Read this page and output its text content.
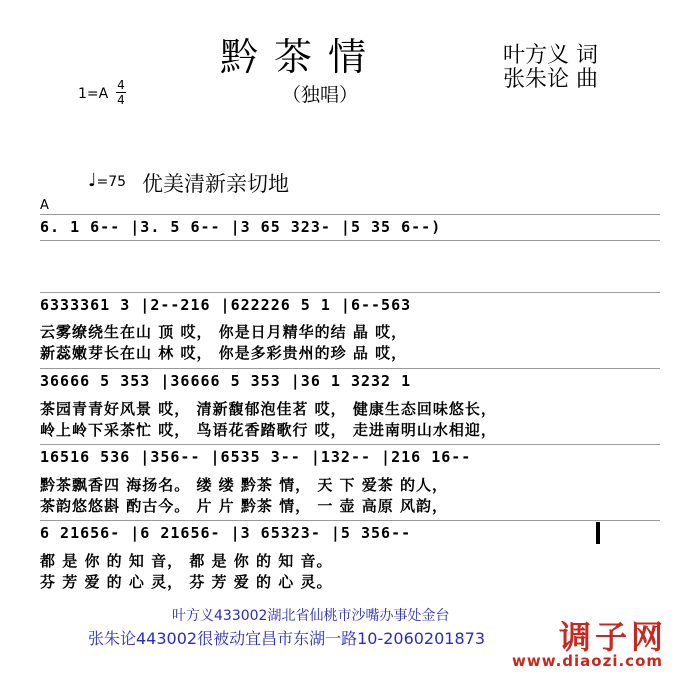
黔茶情
（独唱）
叶方义 词
张朱论 曲
1=A
4
4
♩=75 优美清新亲切地
A
6. 1 6-- |3. 5 6-- |3 65 323- |5 35 6--)
6333361 3 |2--216 |622226 5 1 |6--563
云雾缭绕生在山 顶 哎， 你是日月精华的结 晶 哎，
新蕊嫩芽长在山 林 哎， 你是多彩贵州的珍 品 哎，
36666 5 353 |36666 5 353 |36 1 3232 1
茶园青青好风景 哎， 清新馥郁泡佳茗 哎， 健康生态回味悠长，
岭上岭下采茶忙 哎， 鸟语花香踏歌行 哎， 走进南明山水相迎，
16516 536 |356-- |6535 3-- |132-- |216 16--
黔茶飘香四 海扬名。 缕 缕 黔茶 情， 天 下 爱茶 的人，
茶韵悠悠斟 酌古今。 片 片 黔茶 情， 一 壶 高原 风韵，
6 21656- |6 21656- |3 65323- |5 356--
都 是 你 的 知 音， 都 是 你 的 知 音。
芬 芳 爱 的 心 灵， 芬 芳 爱 的 心 灵。
叶方义433002湖北省仙桃市沙嘴办事处金台
张朱论443002很被动宜昌市东湖一路10-2060201873 调子网
www.diaozi.com
